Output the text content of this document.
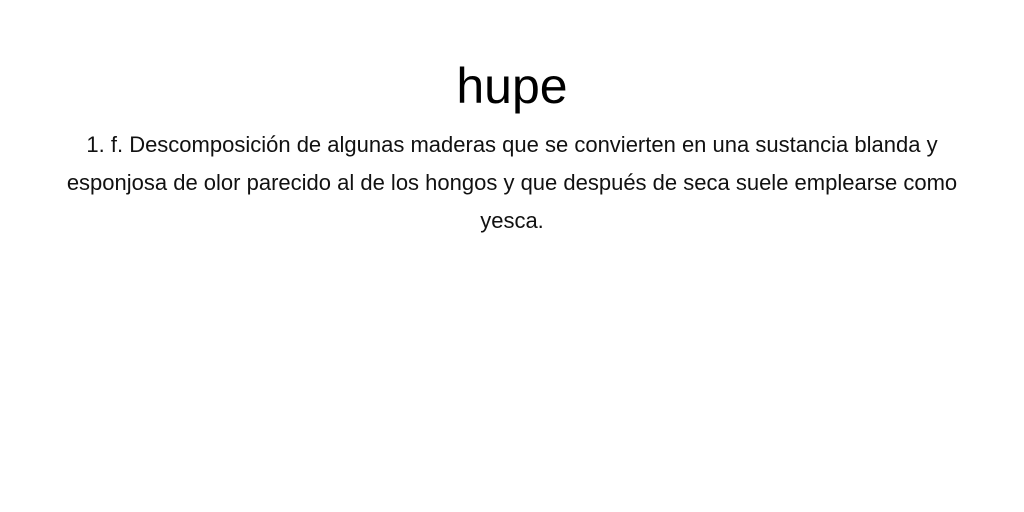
hupe

1. f. Descomposición de algunas maderas que se convierten en una sustancia blanda y esponjosa de olor parecido al de los hongos y que después de seca suele emplearse como yesca.
